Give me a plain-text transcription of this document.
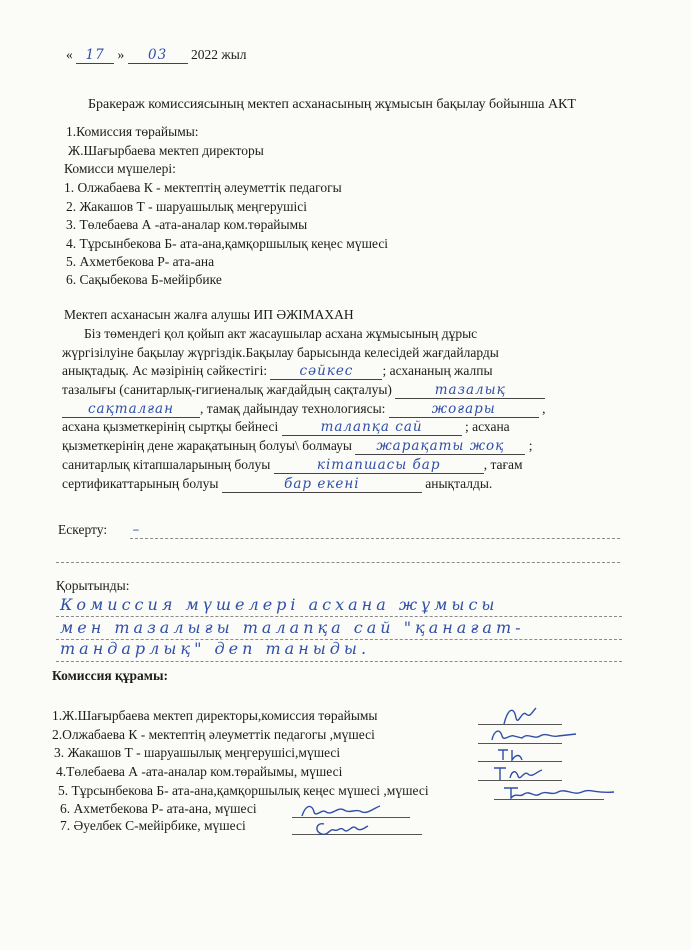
« 17 » 03 2022 жыл
Бракераж комиссиясының мектеп асханасының жұмысын бақылау бойынша АКТ
1.Комиссия төрайымы:
Ж.Шағырбаева мектеп директоры
Комисси мүшелері:
1. Олжабаева К - мектептің әлеуметтік педагогы
2. Жакашов Т - шаруашылық меңгерушісі
3. Төлебаева А -ата-аналар ком.төрайымы
4. Тұрсынбекова Б- ата-ана,қамқоршылық кеңес мүшесі
5. Ахметбекова Р- ата-ана
6. Сақыбекова Б-мейірбике
Мектеп асханасын жалға алушы ИП ӘЖІМАХАН
Біз төмендегі қол қойып акт жасаушылар асхана жұмысының дұрыс
жүргізілуіне бақылау жүргіздік.Бақылау барысында келесідей жағдайларды
анықтадық. Ас мәзірінің сәйкестігі: сәйкес ; асхананың жалпы
тазалығы (санитарлық-гигиеналық жағдайдың сақталуы)	тазалық
сақталған , тамақ дайындау технологиясы:	жоғары	,
асхана қызметкерінің сыртқы бейнесі	талапқа сай	; асхана
қызметкерінің дене жарақатының болуы\ болмауы жарақаты жоқ ;
санитарлық кітапшаларының болуы	кітапшасы бар	, тағам
сертификаттарының болуы	бар екені	анықталды.
Ескерту: –
Қорытынды:
Комиссия мүшелері асхана жұмысы
мен тазалығы талапқа сай "қанағат-
тандарлық" деп таныды.
Комиссия құрамы:
1.Ж.Шағырбаева мектеп директоры,комиссия төрайымы
2.Олжабаева К - мектептің әлеуметтік педагогы ,мүшесі
3. Жакашов Т - шаруашылық меңгерушісі,мүшесі
4.Төлебаева А -ата-аналар ком.төрайымы, мүшесі
5. Тұрсынбекова Б- ата-ана,қамқоршылық кеңес мүшесі ,мүшесі
6. Ахметбекова Р- ата-ана, мүшесі
7. Әуелбек С-мейірбике, мүшесі
